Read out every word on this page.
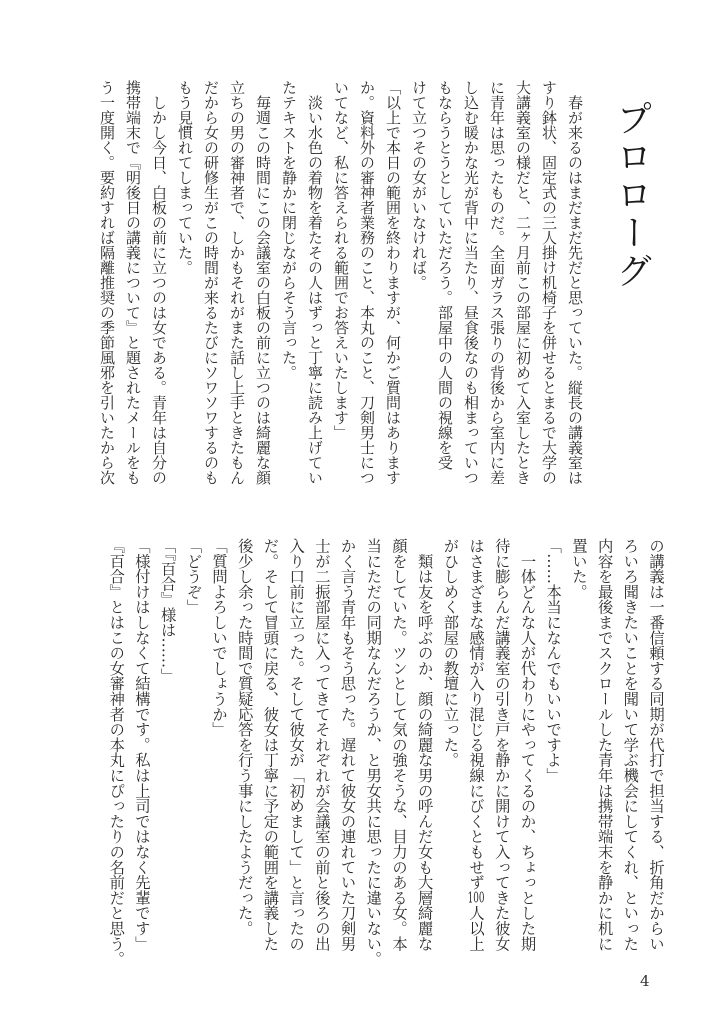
プロローグ
　春が来るのはまだまだ先だと思っていた。縦長の講義室は
すり鉢状、固定式の三人掛け机椅子を併せるとまるで大学の
大講義室の様だと、二ヶ月前この部屋に初めて入室したとき
に青年は思ったものだ。全面ガラス張りの背後から室内に差
し込む暖かな光が背中に当たり、昼食後なのも相まっていつ
もならうとうとしていただろう。部屋中の人間の視線を受
けて立つその女がいなければ。
「以上で本日の範囲を終わりますが、何かご質問はあります
か。資料外の審神者業務のこと、本丸のこと、刀剣男士につ
いてなど、私に答えられる範囲でお答えいたします」
　淡い水色の着物を着たその人はずっと丁寧に読み上げてい
たテキストを静かに閉じながらそう言った。
　毎週この時間にこの会議室の白板の前に立つのは綺麗な顔
立ちの男の審神者で、しかもそれがまた話し上手ときたもん
だから女の研修生がこの時間が来るたびにソワソワするのも
もう見慣れてしまっていた。
　しかし今日、白板の前に立つのは女である。青年は自分の
携帯端末で『明後日の講義について』と題されたメールをも
う一度開く。要約すれば隔離推奨の季節風邪を引いたから次
の講義は一番信頼する同期が代打で担当する、折角だからい
ろいろ聞きたいことを聞いて学ぶ機会にしてくれ、といった
内容を最後までスクロールした青年は携帯端末を静かに机に
置いた。
「……本当になんでもいいですよ」
　一体どんな人が代わりにやってくるのか、ちょっとした期
待に膨らんだ講義室の引き戸を静かに開けて入ってきた彼女
はさまざまな感情が入り混じる視線にびくともせず100人以上
がひしめく部屋の教壇に立った。
　類は友を呼ぶのか、顔の綺麗な男の呼んだ女も大層綺麗な
顔をしていた。ツンとして気の強そうな、目力のある女。本
当にただの同期なんだろうか、と男女共に思ったに違いない。
かく言う青年もそう思った。遅れて彼女の連れていた刀剣男
士が二振部屋に入ってきてそれぞれが会議室の前と後ろの出
入り口前に立った。そして彼女が「初めまして」と言ったの
だ。そして冒頭に戻る、彼女は丁寧に予定の範囲を講義した
後少し余った時間で質疑応答を行う事にしたようだった。
「質問よろしいでしょうか」
「どうぞ」
「『百合』様は……」
「様付けはしなくて結構です。私は上司ではなく先輩です」
『百合』とはこの女審神者の本丸にぴったりの名前だと思う。
4
